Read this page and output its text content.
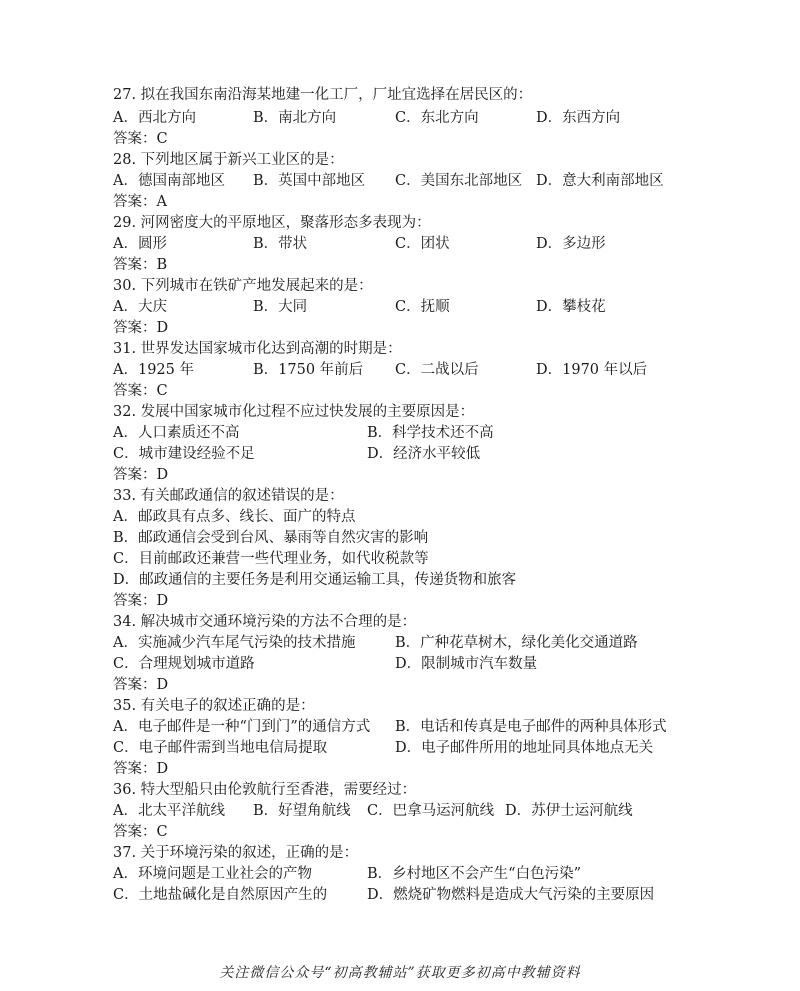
27. 拟在我国东南沿海某地建一化工厂，厂址宜选择在居民区的：
A．西北方向	B．南北方向	C．东北方向	D．东西方向
答案：C
28. 下列地区属于新兴工业区的是：
A．德国南部地区 B．英国中部地区 C．美国东北部地区 D．意大利南部地区
答案：A
29. 河网密度大的平原地区，聚落形态多表现为：
A．圆形	B．带状	C．团状	D．多边形
答案：B
30. 下列城市在铁矿产地发展起来的是：
A．大庆	B．大同	C．抚顺	D．攀枝花
答案：D
31. 世界发达国家城市化达到高潮的时期是：
A．1925 年	B．1750 年前后 C．二战以后	D．1970 年以后
答案：C
32. 发展中国家城市化过程不应过快发展的主要原因是：
A．人口素质还不高	B．科学技术还不高
C．城市建设经验不足	D．经济水平较低
答案：D
33. 有关邮政通信的叙述错误的是：
A．邮政具有点多、线长、面广的特点
B．邮政通信会受到台风、暴雨等自然灾害的影响
C．目前邮政还兼营一些代理业务，如代收税款等
D．邮政通信的主要任务是利用交通运输工具，传递货物和旅客
答案：D
34. 解决城市交通环境污染的方法不合理的是：
A．实施减少汽车尾气污染的技术措施	B．广种花草树木，绿化美化交通道路
C．合理规划城市道路	D．限制城市汽车数量
答案：D
35. 有关电子的叙述正确的是：
A．电子邮件是一种“门到门”的通信方式 B．电话和传真是电子邮件的两种具体形式
C．电子邮件需到当地电信局提取	D．电子邮件所用的地址同具体地点无关
答案：D
36. 特大型船只由伦敦航行至香港，需要经过：
A．北太平洋航线 B．好望角航线 C．巴拿马运河航线 D．苏伊士运河航线
答案：C
37. 关于环境污染的叙述，正确的是：
A．环境问题是工业社会的产物	B．乡村地区不会产生“白色污染”
C．土地盐碱化是自然原因产生的	D．燃烧矿物燃料是造成大气污染的主要原因
关注微信公众号“初高教辅站”获取更多初高中教辅资料
